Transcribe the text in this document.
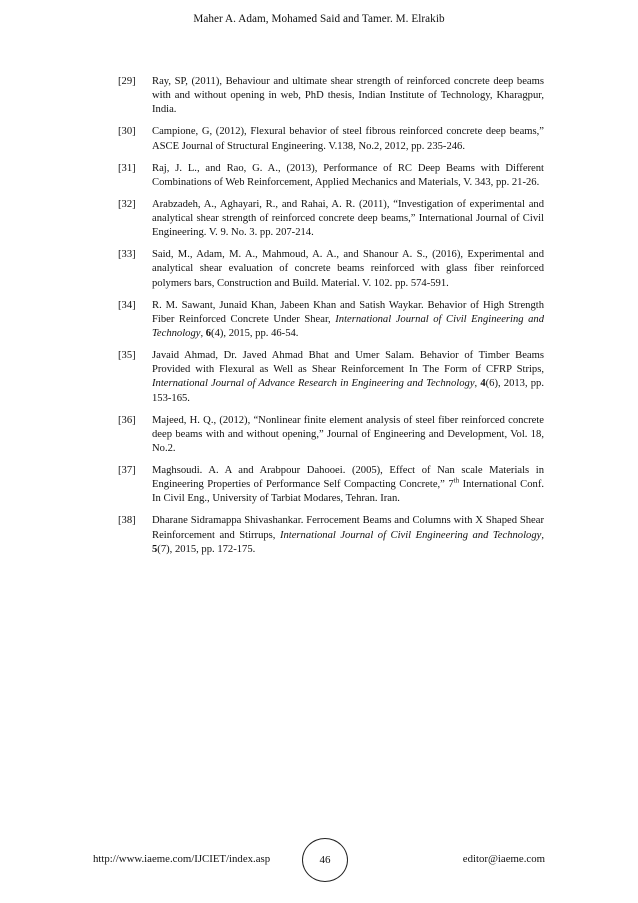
Maher A. Adam, Mohamed Said and Tamer. M. Elrakib
[29]	Ray, SP, (2011), Behaviour and ultimate shear strength of reinforced concrete deep beams with and without opening in web, PhD thesis, Indian Institute of Technology, Kharagpur, India.
[30]	Campione, G, (2012), Flexural behavior of steel fibrous reinforced concrete deep beams,” ASCE Journal of Structural Engineering. V.138, No.2, 2012, pp. 235-246.
[31]	Raj, J. L., and Rao, G. A., (2013), Performance of RC Deep Beams with Different Combinations of Web Reinforcement, Applied Mechanics and Materials, V. 343, pp. 21-26.
[32]	Arabzadeh, A., Aghayari, R., and Rahai, A. R. (2011), “Investigation of experimental and analytical shear strength of reinforced concrete deep beams,” International Journal of Civil Engineering. V. 9. No. 3. pp. 207-214.
[33]	Said, M., Adam, M. A., Mahmoud, A. A., and Shanour A. S., (2016), Experimental and analytical shear evaluation of concrete beams reinforced with glass fiber reinforced polymers bars, Construction and Build. Material. V. 102. pp. 574-591.
[34]	R. M. Sawant, Junaid Khan, Jabeen Khan and Satish Waykar. Behavior of High Strength Fiber Reinforced Concrete Under Shear, International Journal of Civil Engineering and Technology, 6(4), 2015, pp. 46-54.
[35]	Javaid Ahmad, Dr. Javed Ahmad Bhat and Umer Salam. Behavior of Timber Beams Provided with Flexural as Well as Shear Reinforcement In The Form of CFRP Strips, International Journal of Advance Research in Engineering and Technology, 4(6), 2013, pp. 153-165.
[36]	Majeed, H. Q., (2012), “Nonlinear finite element analysis of steel fiber reinforced concrete deep beams with and without opening,” Journal of Engineering and Development, Vol. 18, No.2.
[37]	Maghsoudi. A. A and Arabpour Dahooei. (2005), Effect of Nan scale Materials in Engineering Properties of Performance Self Compacting Concrete,” 7th International Conf. In Civil Eng., University of Tarbiat Modares, Tehran. Iran.
[38]	Dharane Sidramappa Shivashankar. Ferrocement Beams and Columns with X Shaped Shear Reinforcement and Stirrups, International Journal of Civil Engineering and Technology, 5(7), 2015, pp. 172-175.
http://www.iaeme.com/IJCIET/index.asp	46	editor@iaeme.com
